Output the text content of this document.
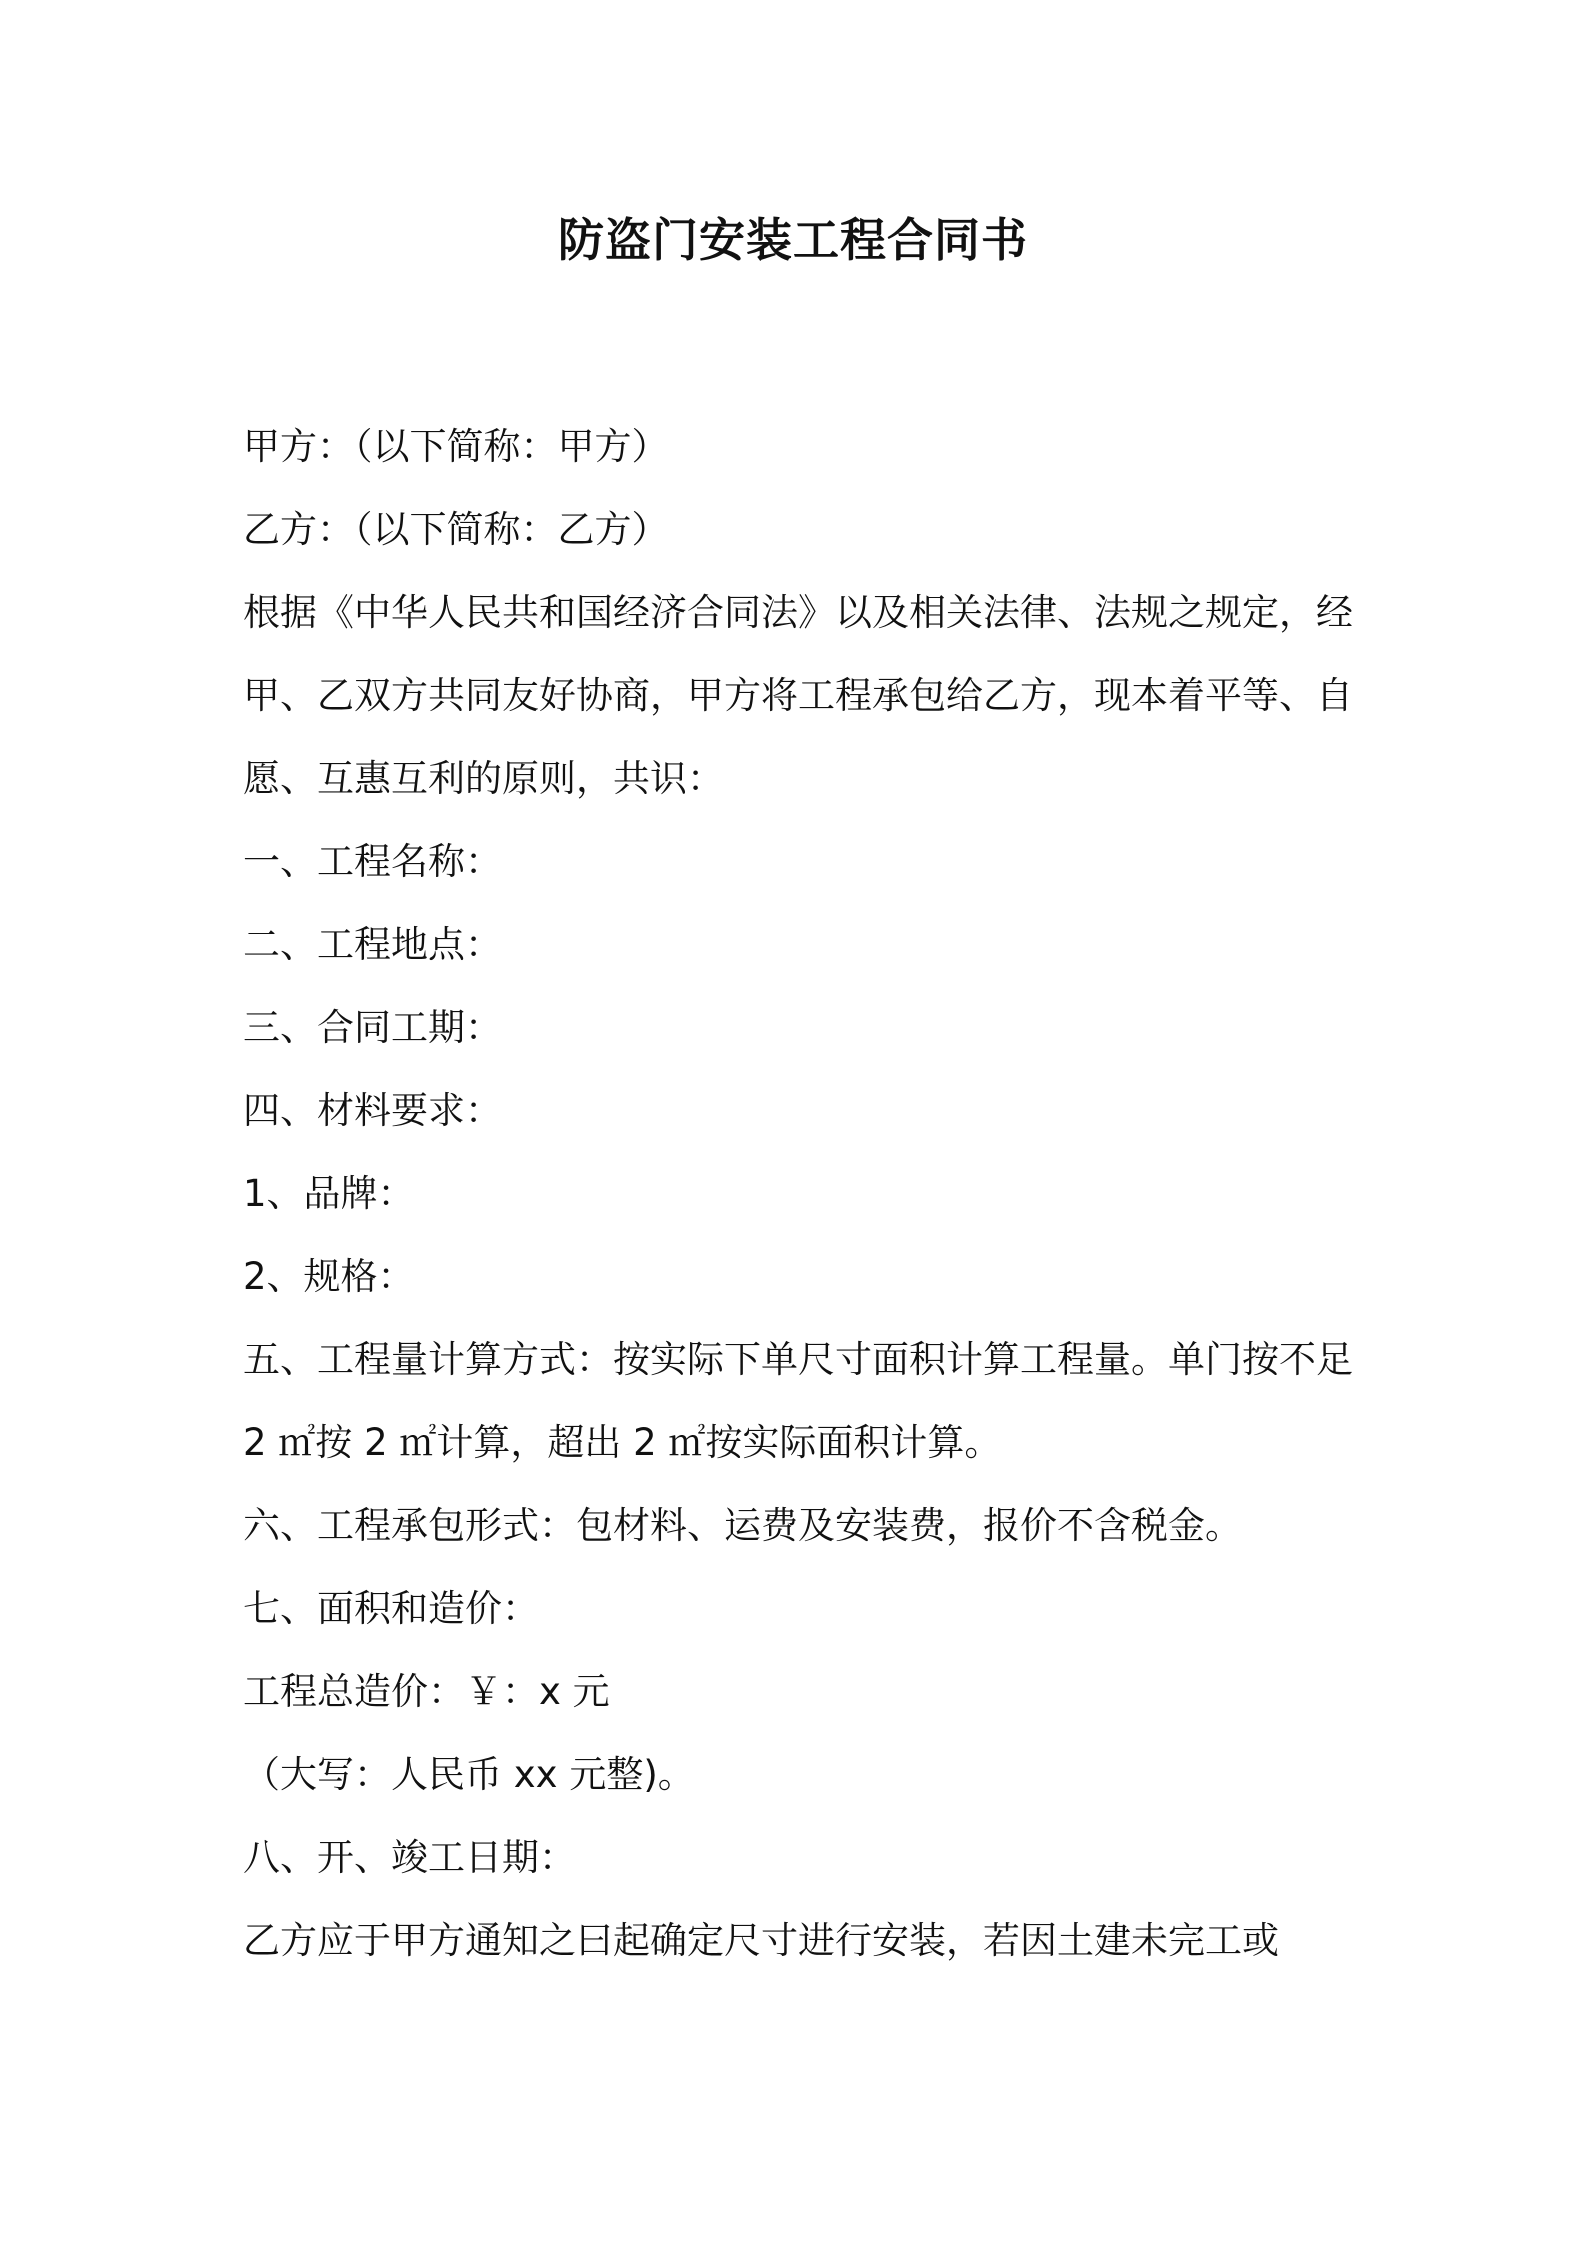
防盗门安装工程合同书
甲方：（以下简称：甲方）
乙方：（以下简称：乙方）
根据《中华人民共和国经济合同法》以及相关法律、法规之规定，经
甲、乙双方共同友好协商，甲方将工程承包给乙方，现本着平等、自
愿、互惠互利的原则，共识：
一、工程名称：
二、工程地点：
三、合同工期：
四、材料要求：
1、品牌：
2、规格：
五、工程量计算方式：按实际下单尺寸面积计算工程量。单门按不足
2 ㎡按 2 ㎡计算，超出 2 ㎡按实际面积计算。
六、工程承包形式：包材料、运费及安装费，报价不含税金。
七、面积和造价：
工程总造价：￥：x 元
（大写：人民币 xx 元整)。
八、开、竣工日期：
乙方应于甲方通知之曰起确定尺寸进行安装，若因土建未完工或
